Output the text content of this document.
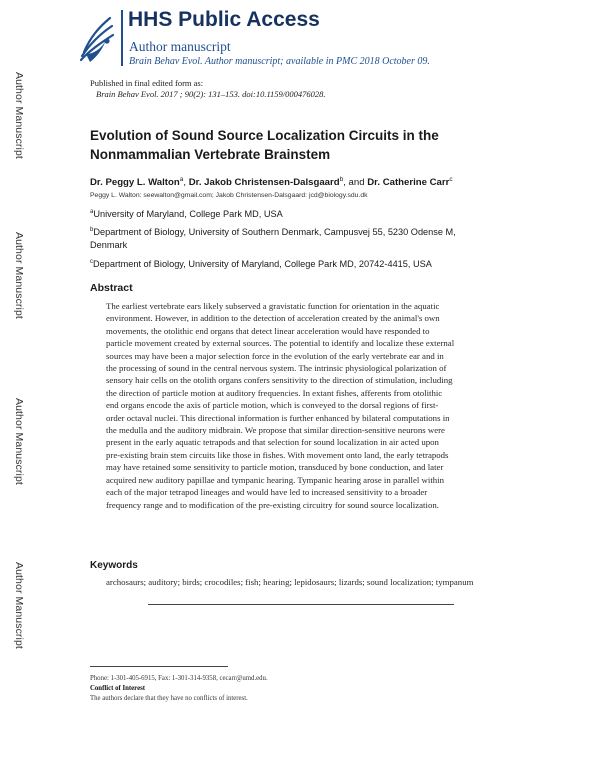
Author Manuscript
Author Manuscript
Author Manuscript
Author Manuscript
HHS Public Access
Author manuscript
Brain Behav Evol. Author manuscript; available in PMC 2018 October 09.
Published in final edited form as:
Brain Behav Evol. 2017 ; 90(2): 131–153. doi:10.1159/000476028.
Evolution of Sound Source Localization Circuits in the Nonmammalian Vertebrate Brainstem
Dr. Peggy L. Walton$^a$, Dr. Jakob Christensen-Dalsgaard$^b$, and Dr. Catherine Carr$^c$
Peggy L. Walton: seewalton@gmail.com; Jakob Christensen-Dalsgaard: jcd@biology.sdu.dk
$^a$University of Maryland, College Park MD, USA
$^b$Department of Biology, University of Southern Denmark, Campusvej 55, 5230 Odense M, Denmark
$^c$Department of Biology, University of Maryland, College Park MD, 20742-4415, USA
Abstract
The earliest vertebrate ears likely subserved a gravistatic function for orientation in the aquatic
environment. However, in addition to the detection of acceleration created by the animal's own
movements, the otolithic end organs that detect linear acceleration would have responded to
particle movement created by external sources. The potential to identify and localize these external
sources may have been a major selection force in the evolution of the early vertebrate ear and in
the processing of sound in the central nervous system. The intrinsic physiological polarization of
sensory hair cells on the otolith organs confers sensitivity to the direction of stimulation, including
the direction of particle motion at auditory frequencies. In extant fishes, afferents from otolithic
end organs encode the axis of particle motion, which is conveyed to the dorsal regions of first-
order octaval nuclei. This directional information is further enhanced by bilateral computations in
the medulla and the auditory midbrain. We propose that similar direction-sensitive neurons were
present in the early aquatic tetrapods and that selection for sound localization in air acted upon
pre-existing brain stem circuits like those in fishes. With movement onto land, the early tetrapods
may have retained some sensitivity to particle motion, transduced by bone conduction, and later
acquired new auditory papillae and tympanic hearing. Tympanic hearing arose in parallel within
each of the major tetrapod lineages and would have led to increased sensitivity to a broader
frequency range and to modification of the pre-existing circuitry for sound source localization.
Keywords
archosaurs; auditory; birds; crocodiles; fish; hearing; lepidosaurs; lizards; sound localization; tympanum
Phone: 1-301-405-6915, Fax: 1-301-314-9358, cecarr@umd.edu.
Conflict of Interest
The authors declare that they have no conflicts of interest.
